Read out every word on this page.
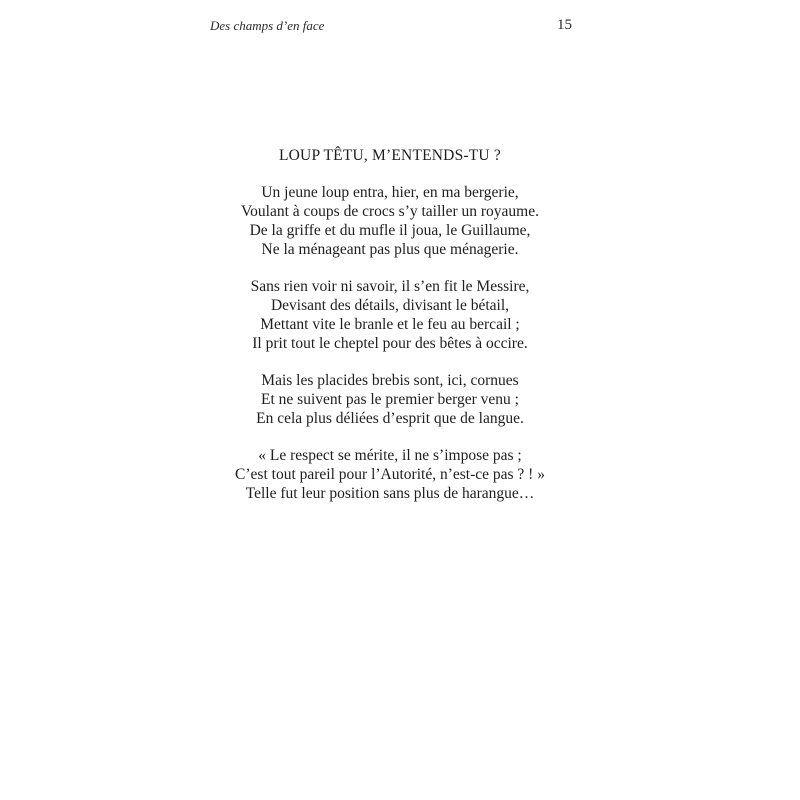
Des champs d’en face	15
LOUP TÊTU, M’ENTENDS-TU ?
Un jeune loup entra, hier, en ma bergerie,
Voulant à coups de crocs s’y tailler un royaume.
De la griffe et du mufle il joua, le Guillaume,
Ne la ménageant pas plus que ménagerie.
Sans rien voir ni savoir, il s’en fit le Messire,
Devisant des détails, divisant le bétail,
Mettant vite le branle et le feu au bercail ;
Il prit tout le cheptel pour des bêtes à occire.
Mais les placides brebis sont, ici, cornues
Et ne suivent pas le premier berger venu ;
En cela plus déliées d’esprit que de langue.
« Le respect se mérite, il ne s’impose pas ;
C’est tout pareil pour l’Autorité, n’est-ce pas ? ! »
Telle fut leur position sans plus de harangue…
